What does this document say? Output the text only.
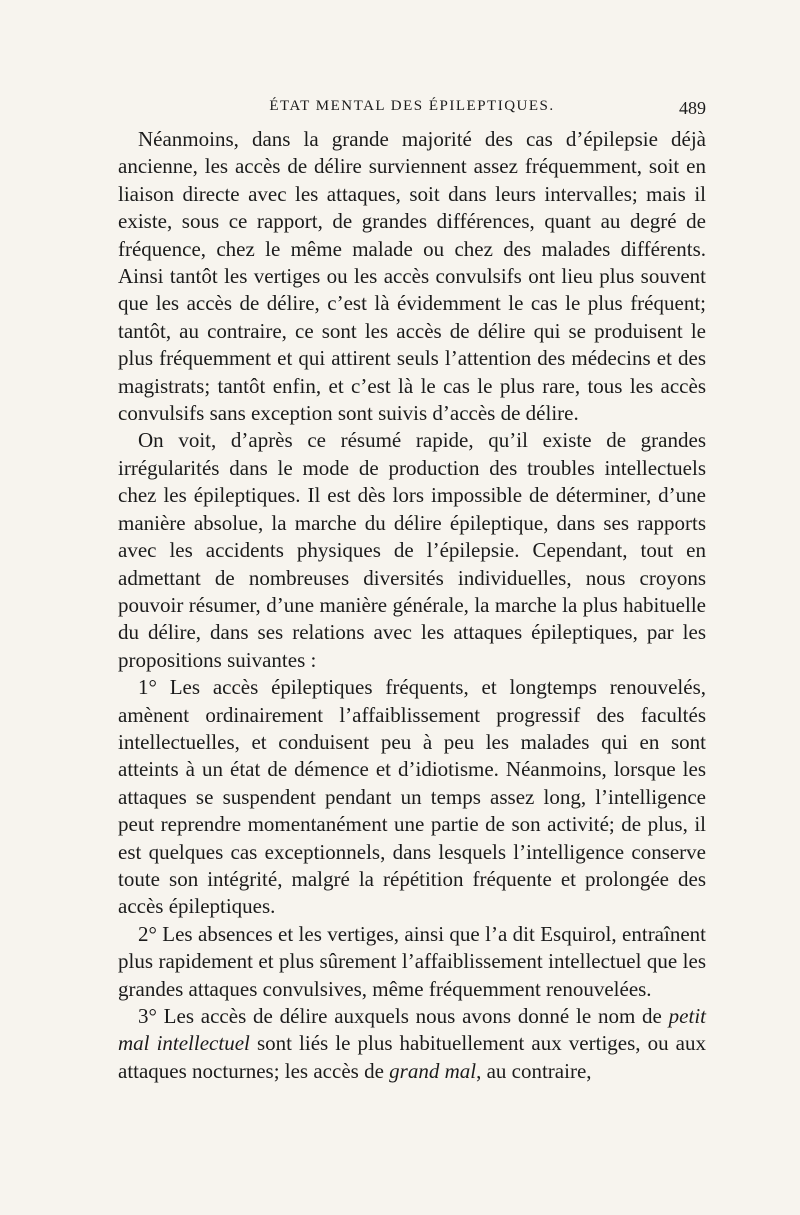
ÉTAT MENTAL DES ÉPILEPTIQUES.	489

Néanmoins, dans la grande majorité des cas d’épilepsie déjà ancienne, les accès de délire surviennent assez fréquemment, soit en liaison directe avec les attaques, soit dans leurs intervalles; mais il existe, sous ce rapport, de grandes différences, quant au degré de fréquence, chez le même malade ou chez des malades différents. Ainsi tantôt les vertiges ou les accès convulsifs ont lieu plus souvent que les accès de délire, c’est là évidemment le cas le plus fréquent; tantôt, au contraire, ce sont les accès de délire qui se produisent le plus fréquemment et qui attirent seuls l’attention des médecins et des magistrats; tantôt enfin, et c’est là le cas le plus rare, tous les accès convulsifs sans exception sont suivis d’accès de délire.

On voit, d’après ce résumé rapide, qu’il existe de grandes irrégularités dans le mode de production des troubles intellectuels chez les épileptiques. Il est dès lors impossible de déterminer, d’une manière absolue, la marche du délire épileptique, dans ses rapports avec les accidents physiques de l’épilepsie. Cependant, tout en admettant de nombreuses diversités individuelles, nous croyons pouvoir résumer, d’une manière générale, la marche la plus habituelle du délire, dans ses relations avec les attaques épileptiques, par les propositions suivantes :

1° Les accès épileptiques fréquents, et longtemps renouvelés, amènent ordinairement l’affaiblissement progressif des facultés intellectuelles, et conduisent peu à peu les malades qui en sont atteints à un état de démence et d’idiotisme. Néanmoins, lorsque les attaques se suspendent pendant un temps assez long, l’intelligence peut reprendre momentanément une partie de son activité; de plus, il est quelques cas exceptionnels, dans lesquels l’intelligence conserve toute son intégrité, malgré la répétition fréquente et prolongée des accès épileptiques.

2° Les absences et les vertiges, ainsi que l’a dit Esquirol, entraînent plus rapidement et plus sûrement l’affaiblissement intellectuel que les grandes attaques convulsives, même fréquemment renouvelées.

3° Les accès de délire auxquels nous avons donné le nom de petit mal intellectuel sont liés le plus habituellement aux vertiges, ou aux attaques nocturnes; les accès de grand mal, au contraire,
